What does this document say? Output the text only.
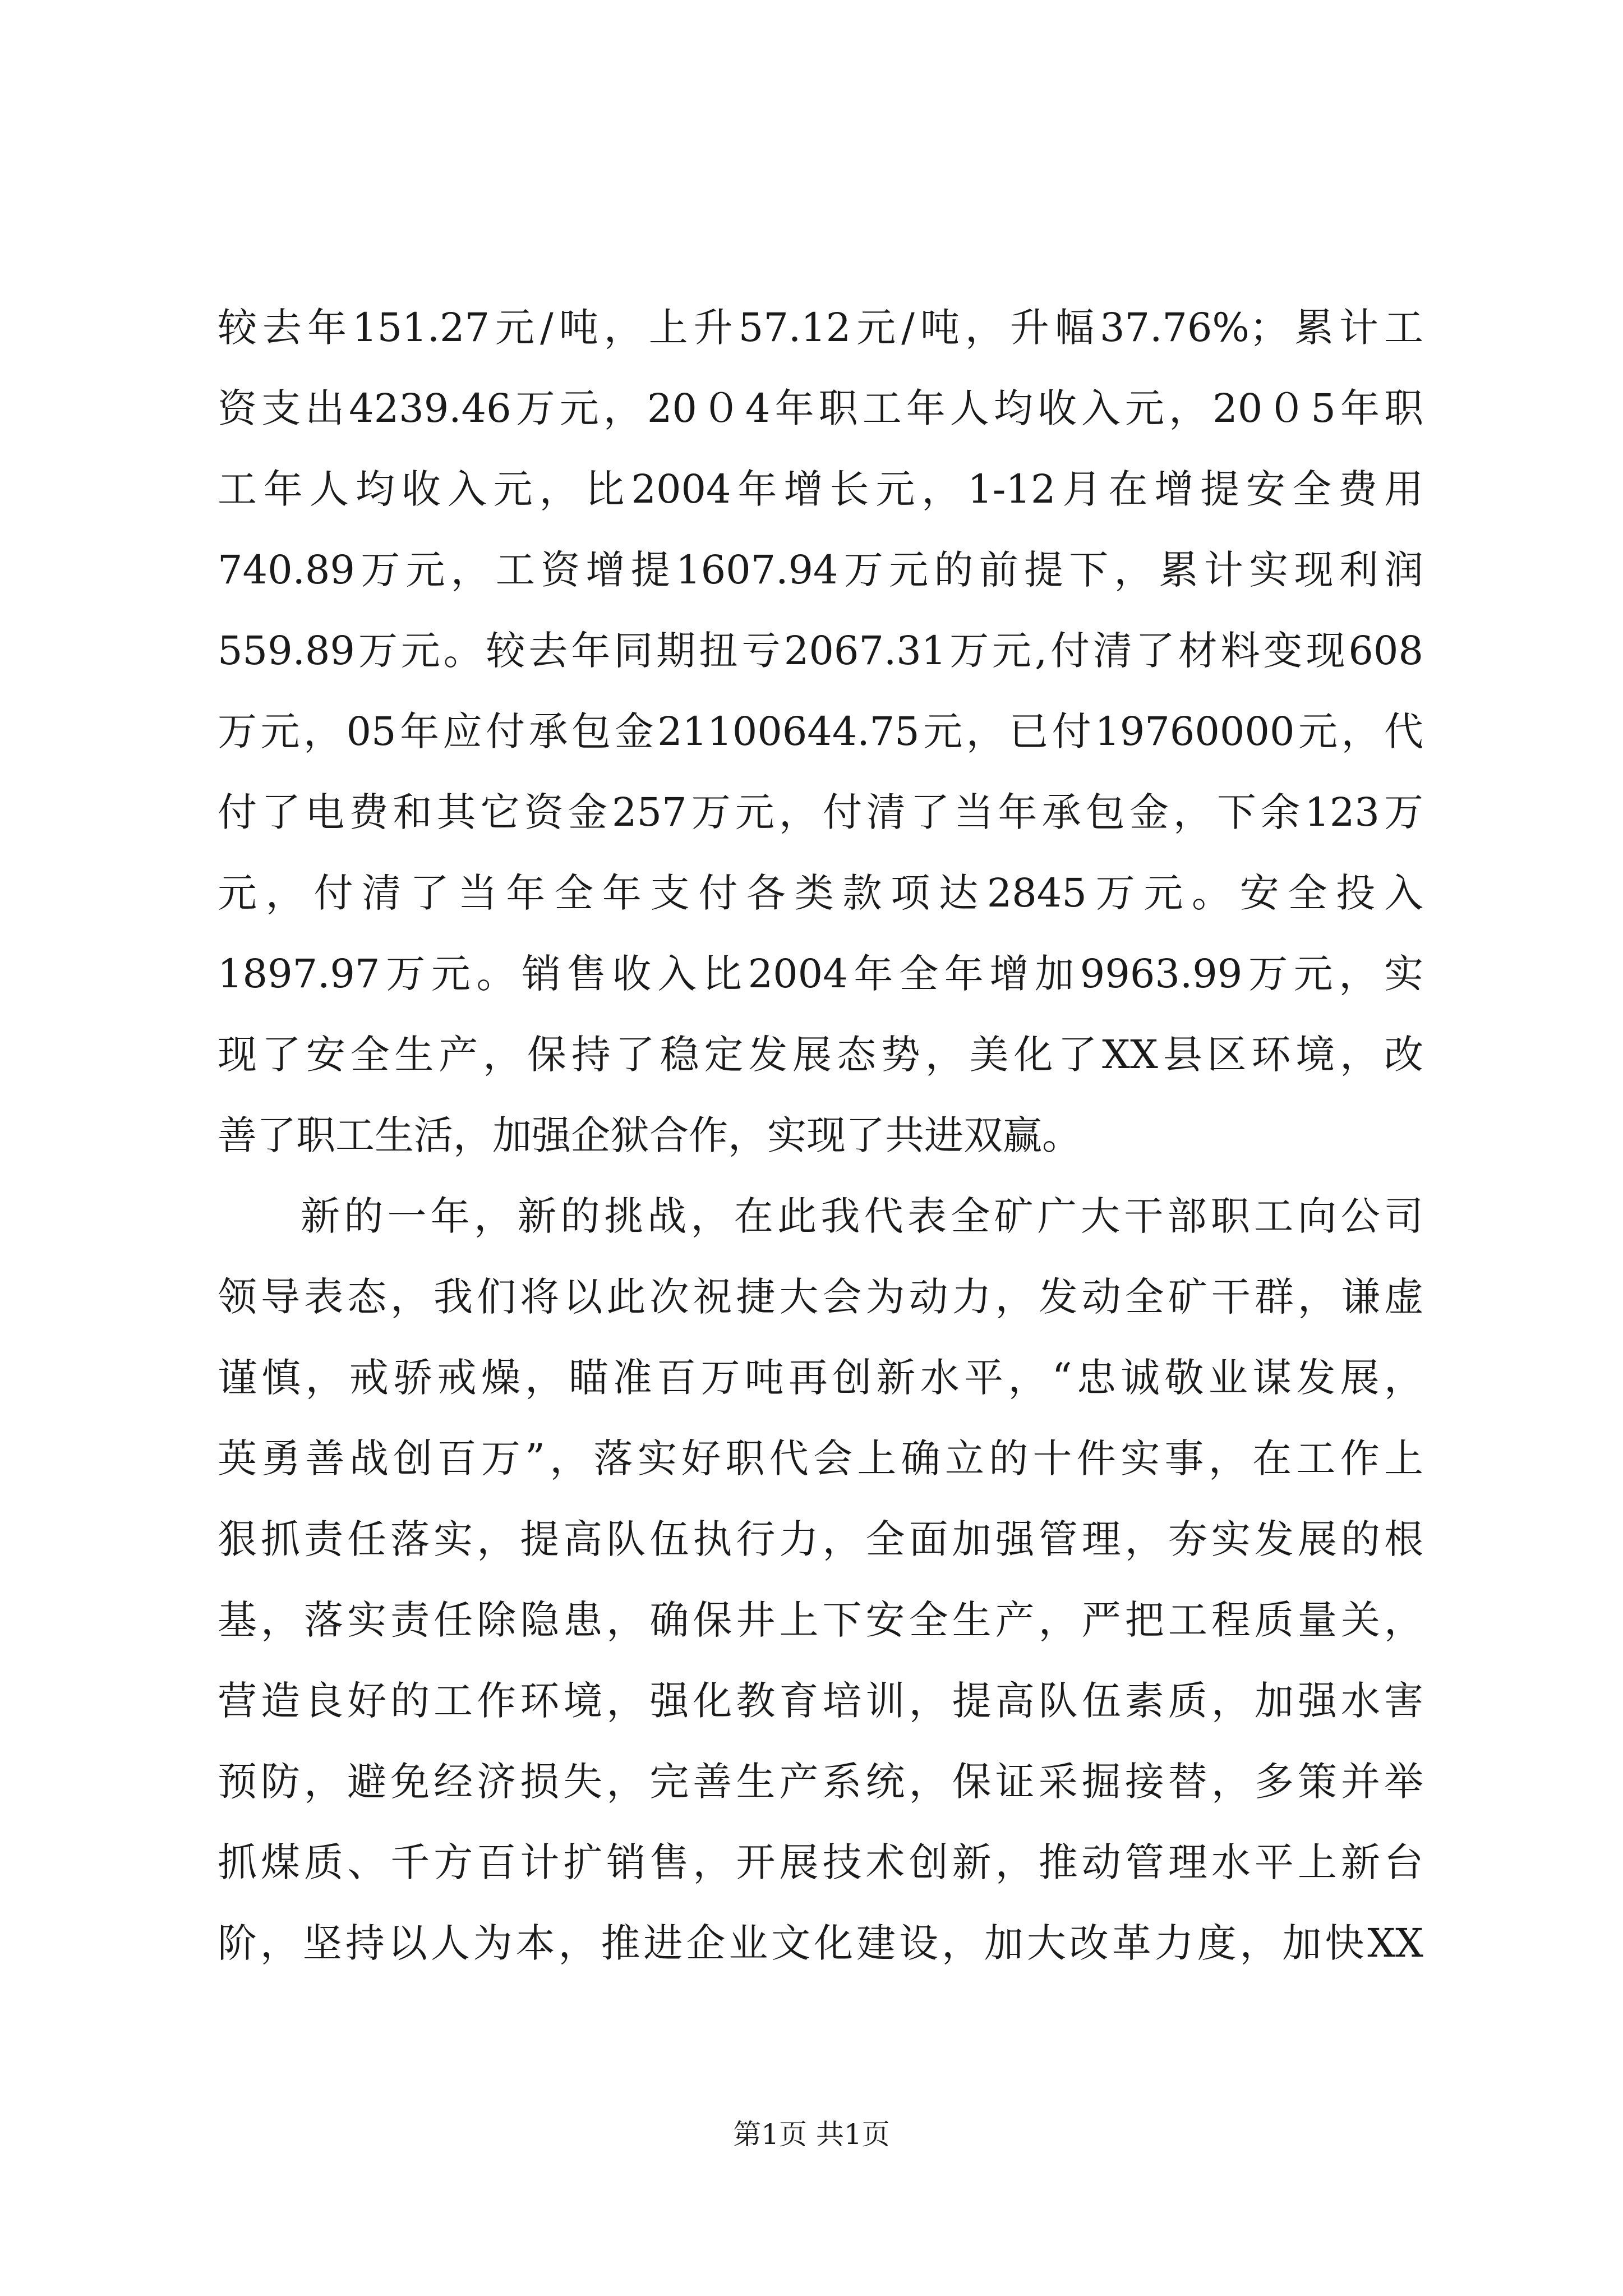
较去年151.27元/吨，上升57.12元/吨，升幅37.76%；累计工
资支出4239.46万元，20０4年职工年人均收入元，20０5年职
工年人均收入元，比2004年增长元，1-12月在增提安全费用
740.89万元，工资增提1607.94万元的前提下，累计实现利润
559.89万元。较去年同期扭亏2067.31万元,付清了材料变现608
万元，05年应付承包金21100644.75元，已付19760000元，代
付了电费和其它资金257万元，付清了当年承包金，下余123万
元，付清了当年全年支付各类款项达2845万元。安全投入
1897.97万元。销售收入比2004年全年增加9963.99万元，实
现了安全生产，保持了稳定发展态势，美化了XX县区环境，改
善了职工生活，加强企狱合作，实现了共进双赢。
新的一年，新的挑战，在此我代表全矿广大干部职工向公司
领导表态，我们将以此次祝捷大会为动力，发动全矿干群，谦虚
谨慎，戒骄戒燥，瞄准百万吨再创新水平，“忠诚敬业谋发展，
英勇善战创百万”，落实好职代会上确立的十件实事，在工作上
狠抓责任落实，提高队伍执行力，全面加强管理，夯实发展的根
基，落实责任除隐患，确保井上下安全生产，严把工程质量关，
营造良好的工作环境，强化教育培训，提高队伍素质，加强水害
预防，避免经济损失，完善生产系统，保证采掘接替，多策并举
抓煤质、千方百计扩销售，开展技术创新，推动管理水平上新台
阶，坚持以人为本，推进企业文化建设，加大改革力度，加快XX
第1页 共1页
